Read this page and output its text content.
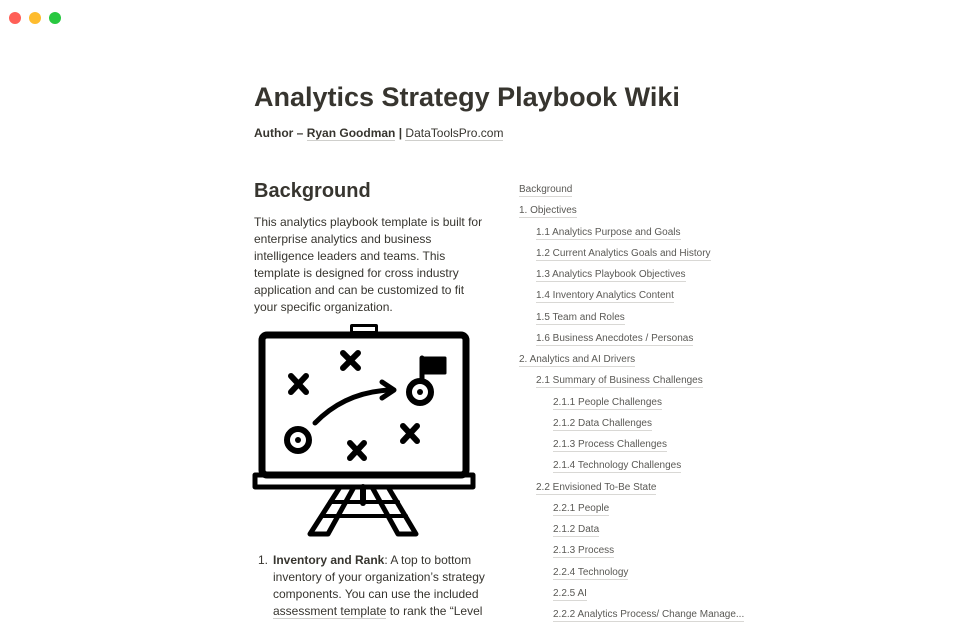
Analytics Strategy Playbook Wiki
Author – Ryan Goodman | DataToolsPro.com
Background

This analytics playbook template is built for enterprise analytics and business intelligence leaders and teams. This template is designed for cross industry application and can be customized to fit your specific organization.

1. Inventory and Rank: A top to bottom inventory of your organization’s strategy components. You can use the included assessment template to rank the “Level
Background
1. Objectives
1.1 Analytics Purpose and Goals
1.2 Current Analytics Goals and History
1.3 Analytics Playbook Objectives
1.4 Inventory Analytics Content
1.5 Team and Roles
1.6 Business Anecdotes / Personas
2. Analytics and AI Drivers
2.1 Summary of Business Challenges
2.1.1 People Challenges
2.1.2 Data Challenges
2.1.3 Process Challenges
2.1.4 Technology Challenges
2.2 Envisioned To-Be State
2.2.1 People
2.1.2 Data
2.1.3 Process
2.2.4 Technology
2.2.5 AI
2.2.2 Analytics Process/ Change Manage...
